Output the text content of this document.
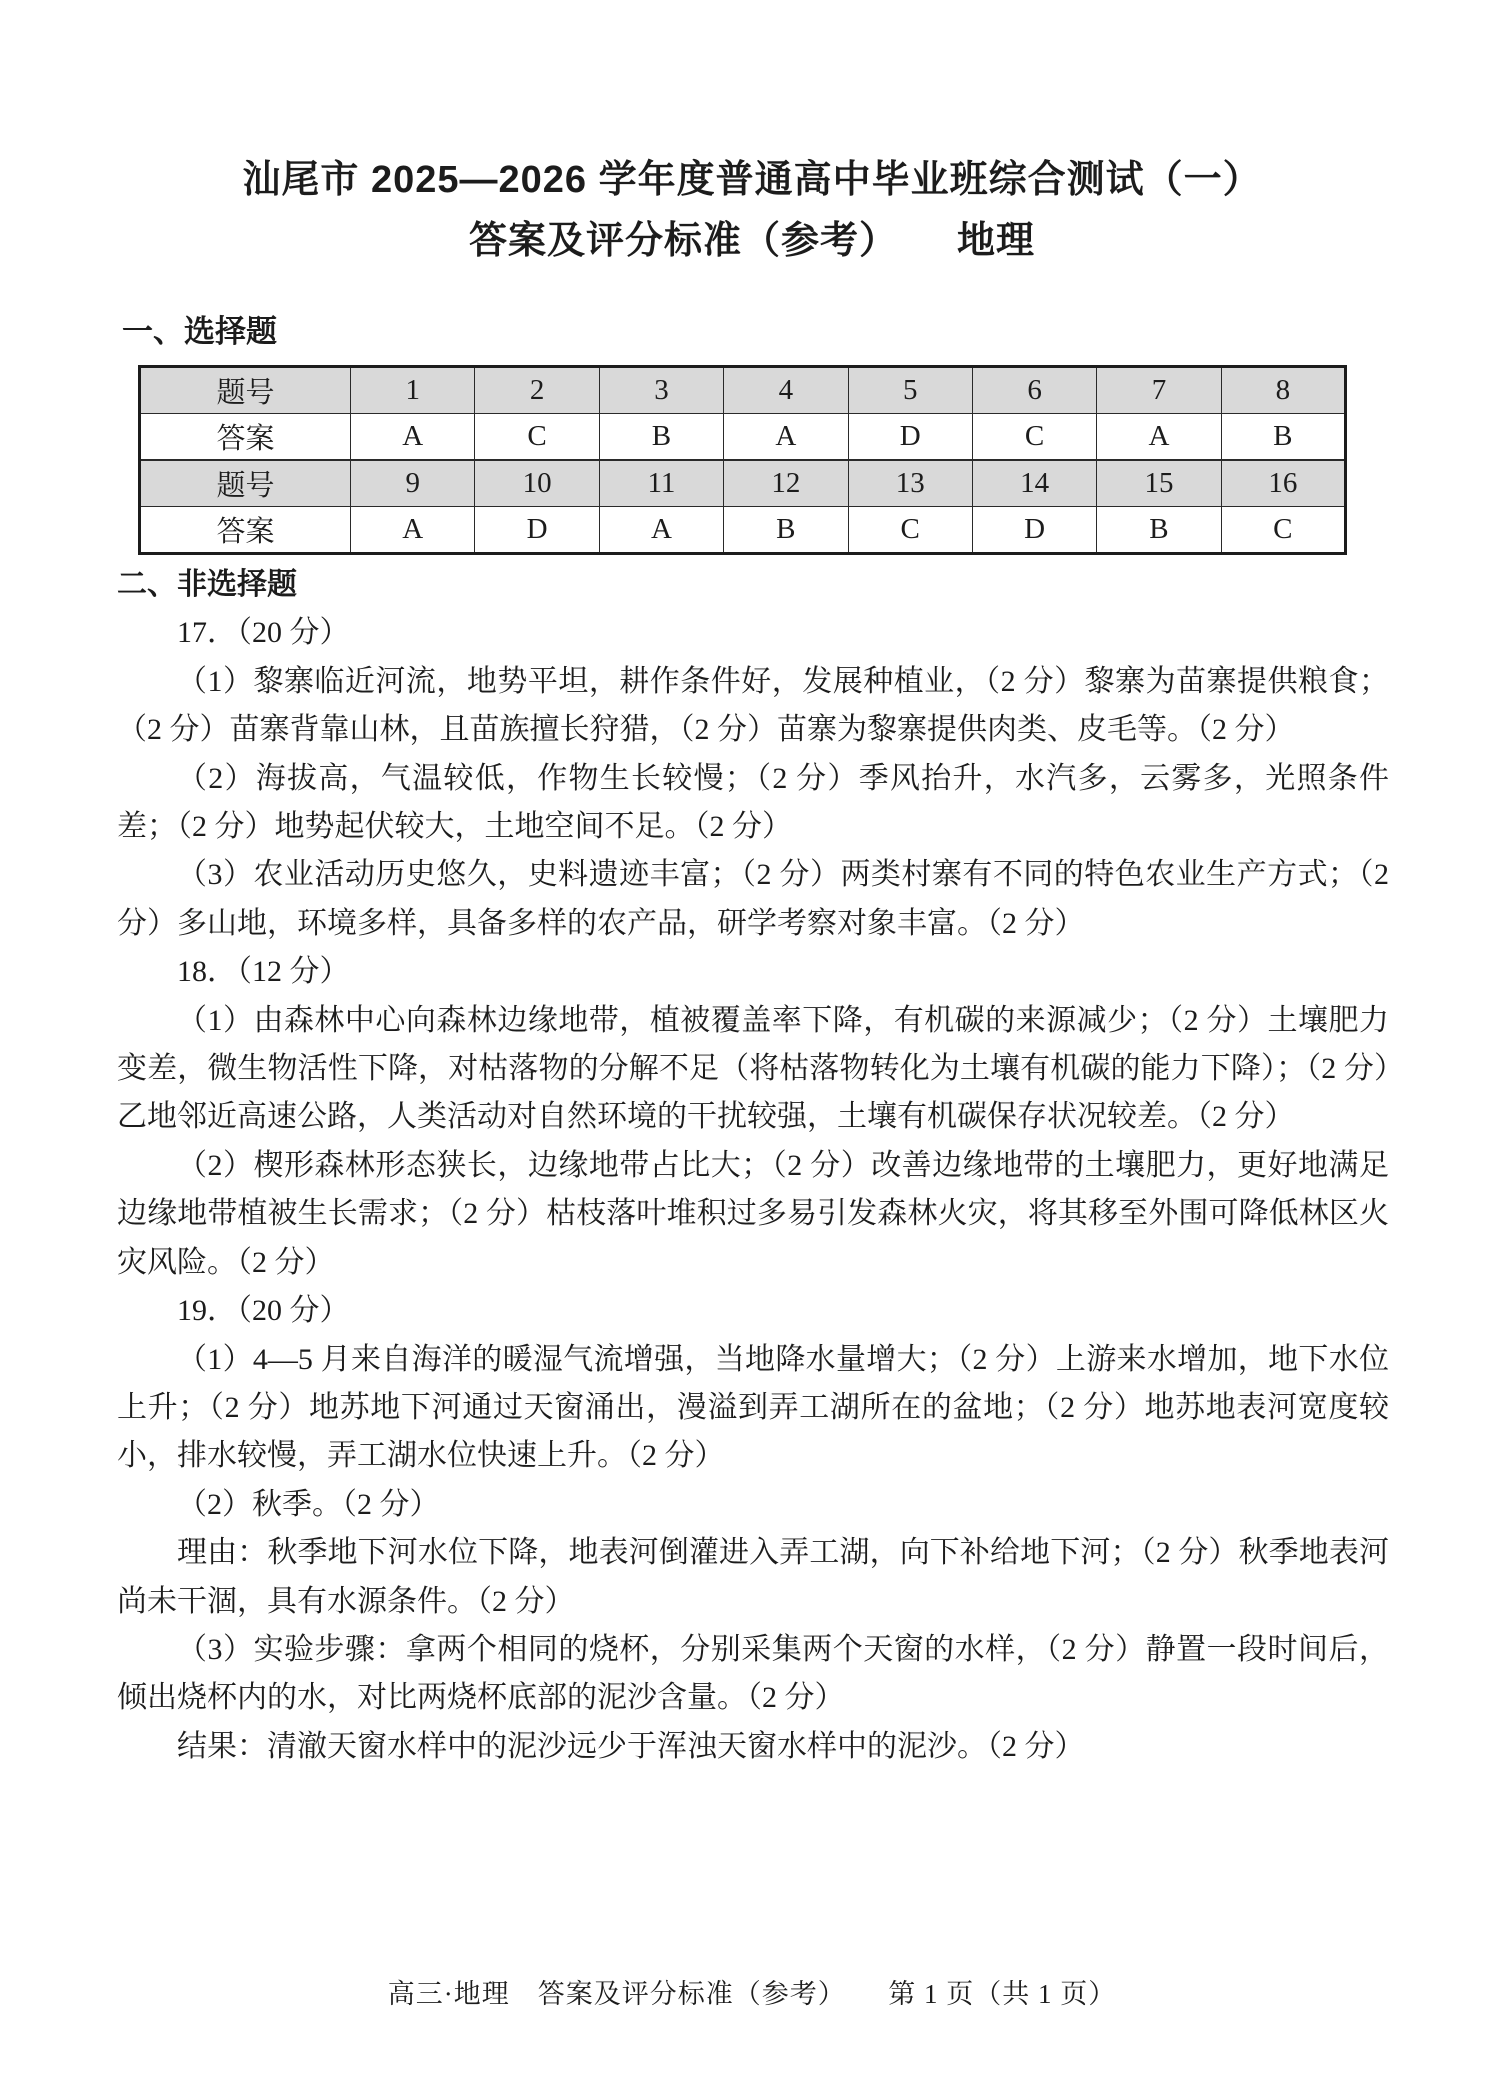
汕尾市 2025—2026 学年度普通高中毕业班综合测试（一）
答案及评分标准（参考）　　地理
一、选择题
题号	1	2	3	4	5	6	7	8
答案	A	C	B	A	D	C	A	B
题号	9	10	11	12	13	14	15	16
答案	A	D	A	B	C	D	B	C
二、非选择题

17．（20 分）

（1）黎寨临近河流，地势平坦，耕作条件好，发展种植业，（2 分）黎寨为苗寨提供粮食；（2 分）苗寨背靠山林，且苗族擅长狩猎，（2 分）苗寨为黎寨提供肉类、皮毛等。（2 分）

（2）海拔高，气温较低，作物生长较慢；（2 分）季风抬升，水汽多，云雾多，光照条件差；（2 分）地势起伏较大，土地空间不足。（2 分）

（3）农业活动历史悠久，史料遗迹丰富；（2 分）两类村寨有不同的特色农业生产方式；（2 分）多山地，环境多样，具备多样的农产品，研学考察对象丰富。（2 分）

18．（12 分）

（1）由森林中心向森林边缘地带，植被覆盖率下降，有机碳的来源减少；（2 分）土壤肥力变差，微生物活性下降，对枯落物的分解不足（将枯落物转化为土壤有机碳的能力下降）；（2 分）乙地邻近高速公路，人类活动对自然环境的干扰较强，土壤有机碳保存状况较差。（2 分）

（2）楔形森林形态狭长，边缘地带占比大；（2 分）改善边缘地带的土壤肥力，更好地满足边缘地带植被生长需求；（2 分）枯枝落叶堆积过多易引发森林火灾，将其移至外围可降低林区火灾风险。（2 分）

19．（20 分）

（1）4—5 月来自海洋的暖湿气流增强，当地降水量增大；（2 分）上游来水增加，地下水位上升；（2 分）地苏地下河通过天窗涌出，漫溢到弄工湖所在的盆地；（2 分）地苏地表河宽度较小，排水较慢，弄工湖水位快速上升。（2 分）

（2）秋季。（2 分）

理由：秋季地下河水位下降，地表河倒灌进入弄工湖，向下补给地下河；（2 分）秋季地表河尚未干涸，具有水源条件。（2 分）

（3）实验步骤：拿两个相同的烧杯，分别采集两个天窗的水样，（2 分）静置一段时间后，倾出烧杯内的水，对比两烧杯底部的泥沙含量。（2 分）

结果：清澈天窗水样中的泥沙远少于浑浊天窗水样中的泥沙。（2 分）

高三·地理　答案及评分标准（参考）　　第 1 页（共 1 页）
